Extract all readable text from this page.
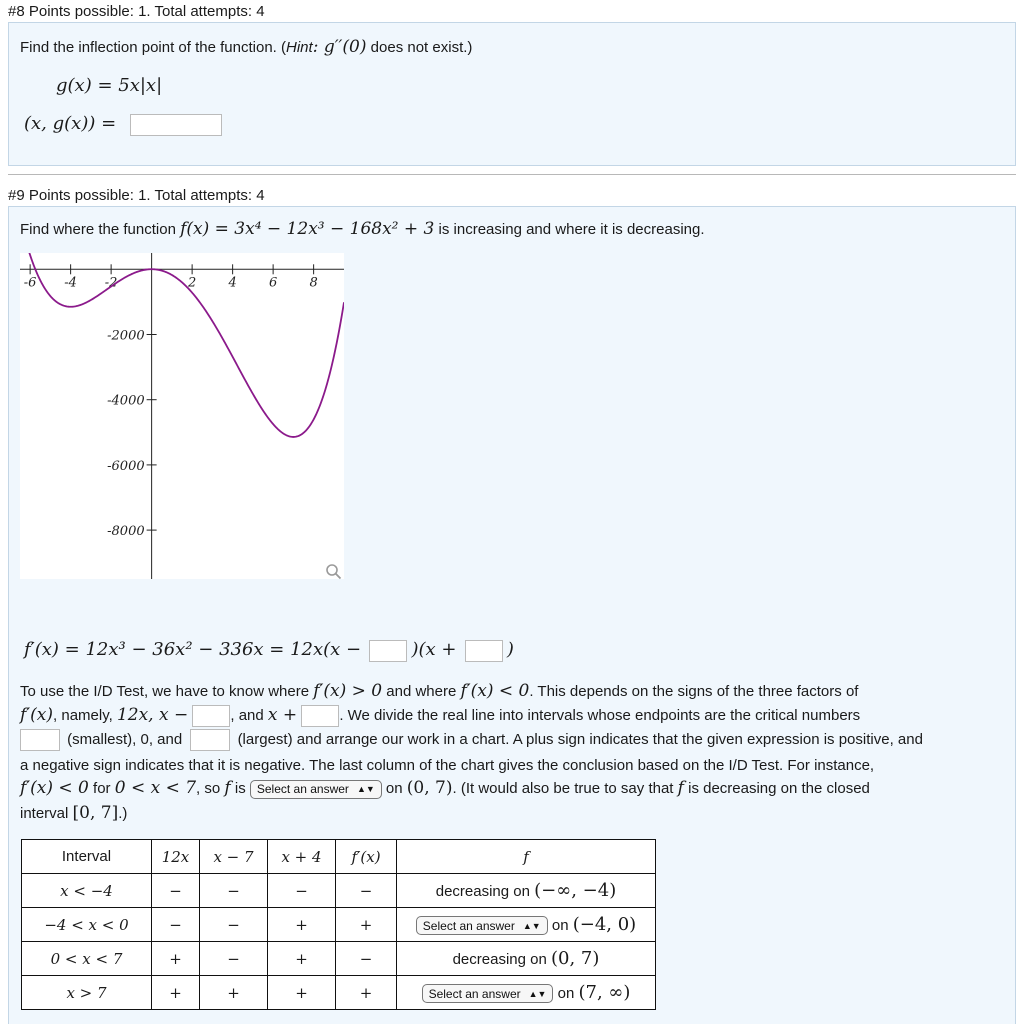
#8 Points possible: 1. Total attempts: 4
Find the inflection point of the function. (Hint: g′′(0) does not exist.)
g(x) = 5x|x|
(x, g(x)) =
#9 Points possible: 1. Total attempts: 4
Find where the function f(x) = 3x⁴ − 12x³ − 168x² + 3 is increasing and where it is decreasing.
-6 -4 -2	2 4 6 8
-2000
-4000
-6000
-8000
f′(x) = 12x³ − 36x² − 336x = 12x(x −	)(x +	)
To use the I/D Test, we have to know where f′(x) > 0 and where f′(x) < 0. This depends on the signs of the three factors of
f′(x), namely, 12x, x −	, and x +	. We divide the real line into intervals whose endpoints are the critical numbers
(smallest), 0, and	(largest) and arrange our work in a chart. A plus sign indicates that the given expression is positive, and
a negative sign indicates that it is negative. The last column of the chart gives the conclusion based on the I/D Test. For instance,
f′(x) < 0 for 0 < x < 7, so f is Select an answer ▲▼ on (0, 7). (It would also be true to say that f is decreasing on the closed
interval [0, 7].)
Interval	12x	x − 7	x + 4	f′(x)	f
x < −4	−	−	−	−	decreasing on (−∞, −4)
−4 < x < 0	−	−	+	+	Select an answer ▲▼ on (−4, 0)
0 < x < 7	+	−	+	−	decreasing on (0, 7)
x > 7	+	+	+	+	Select an answer ▲▼ on (7, ∞)
